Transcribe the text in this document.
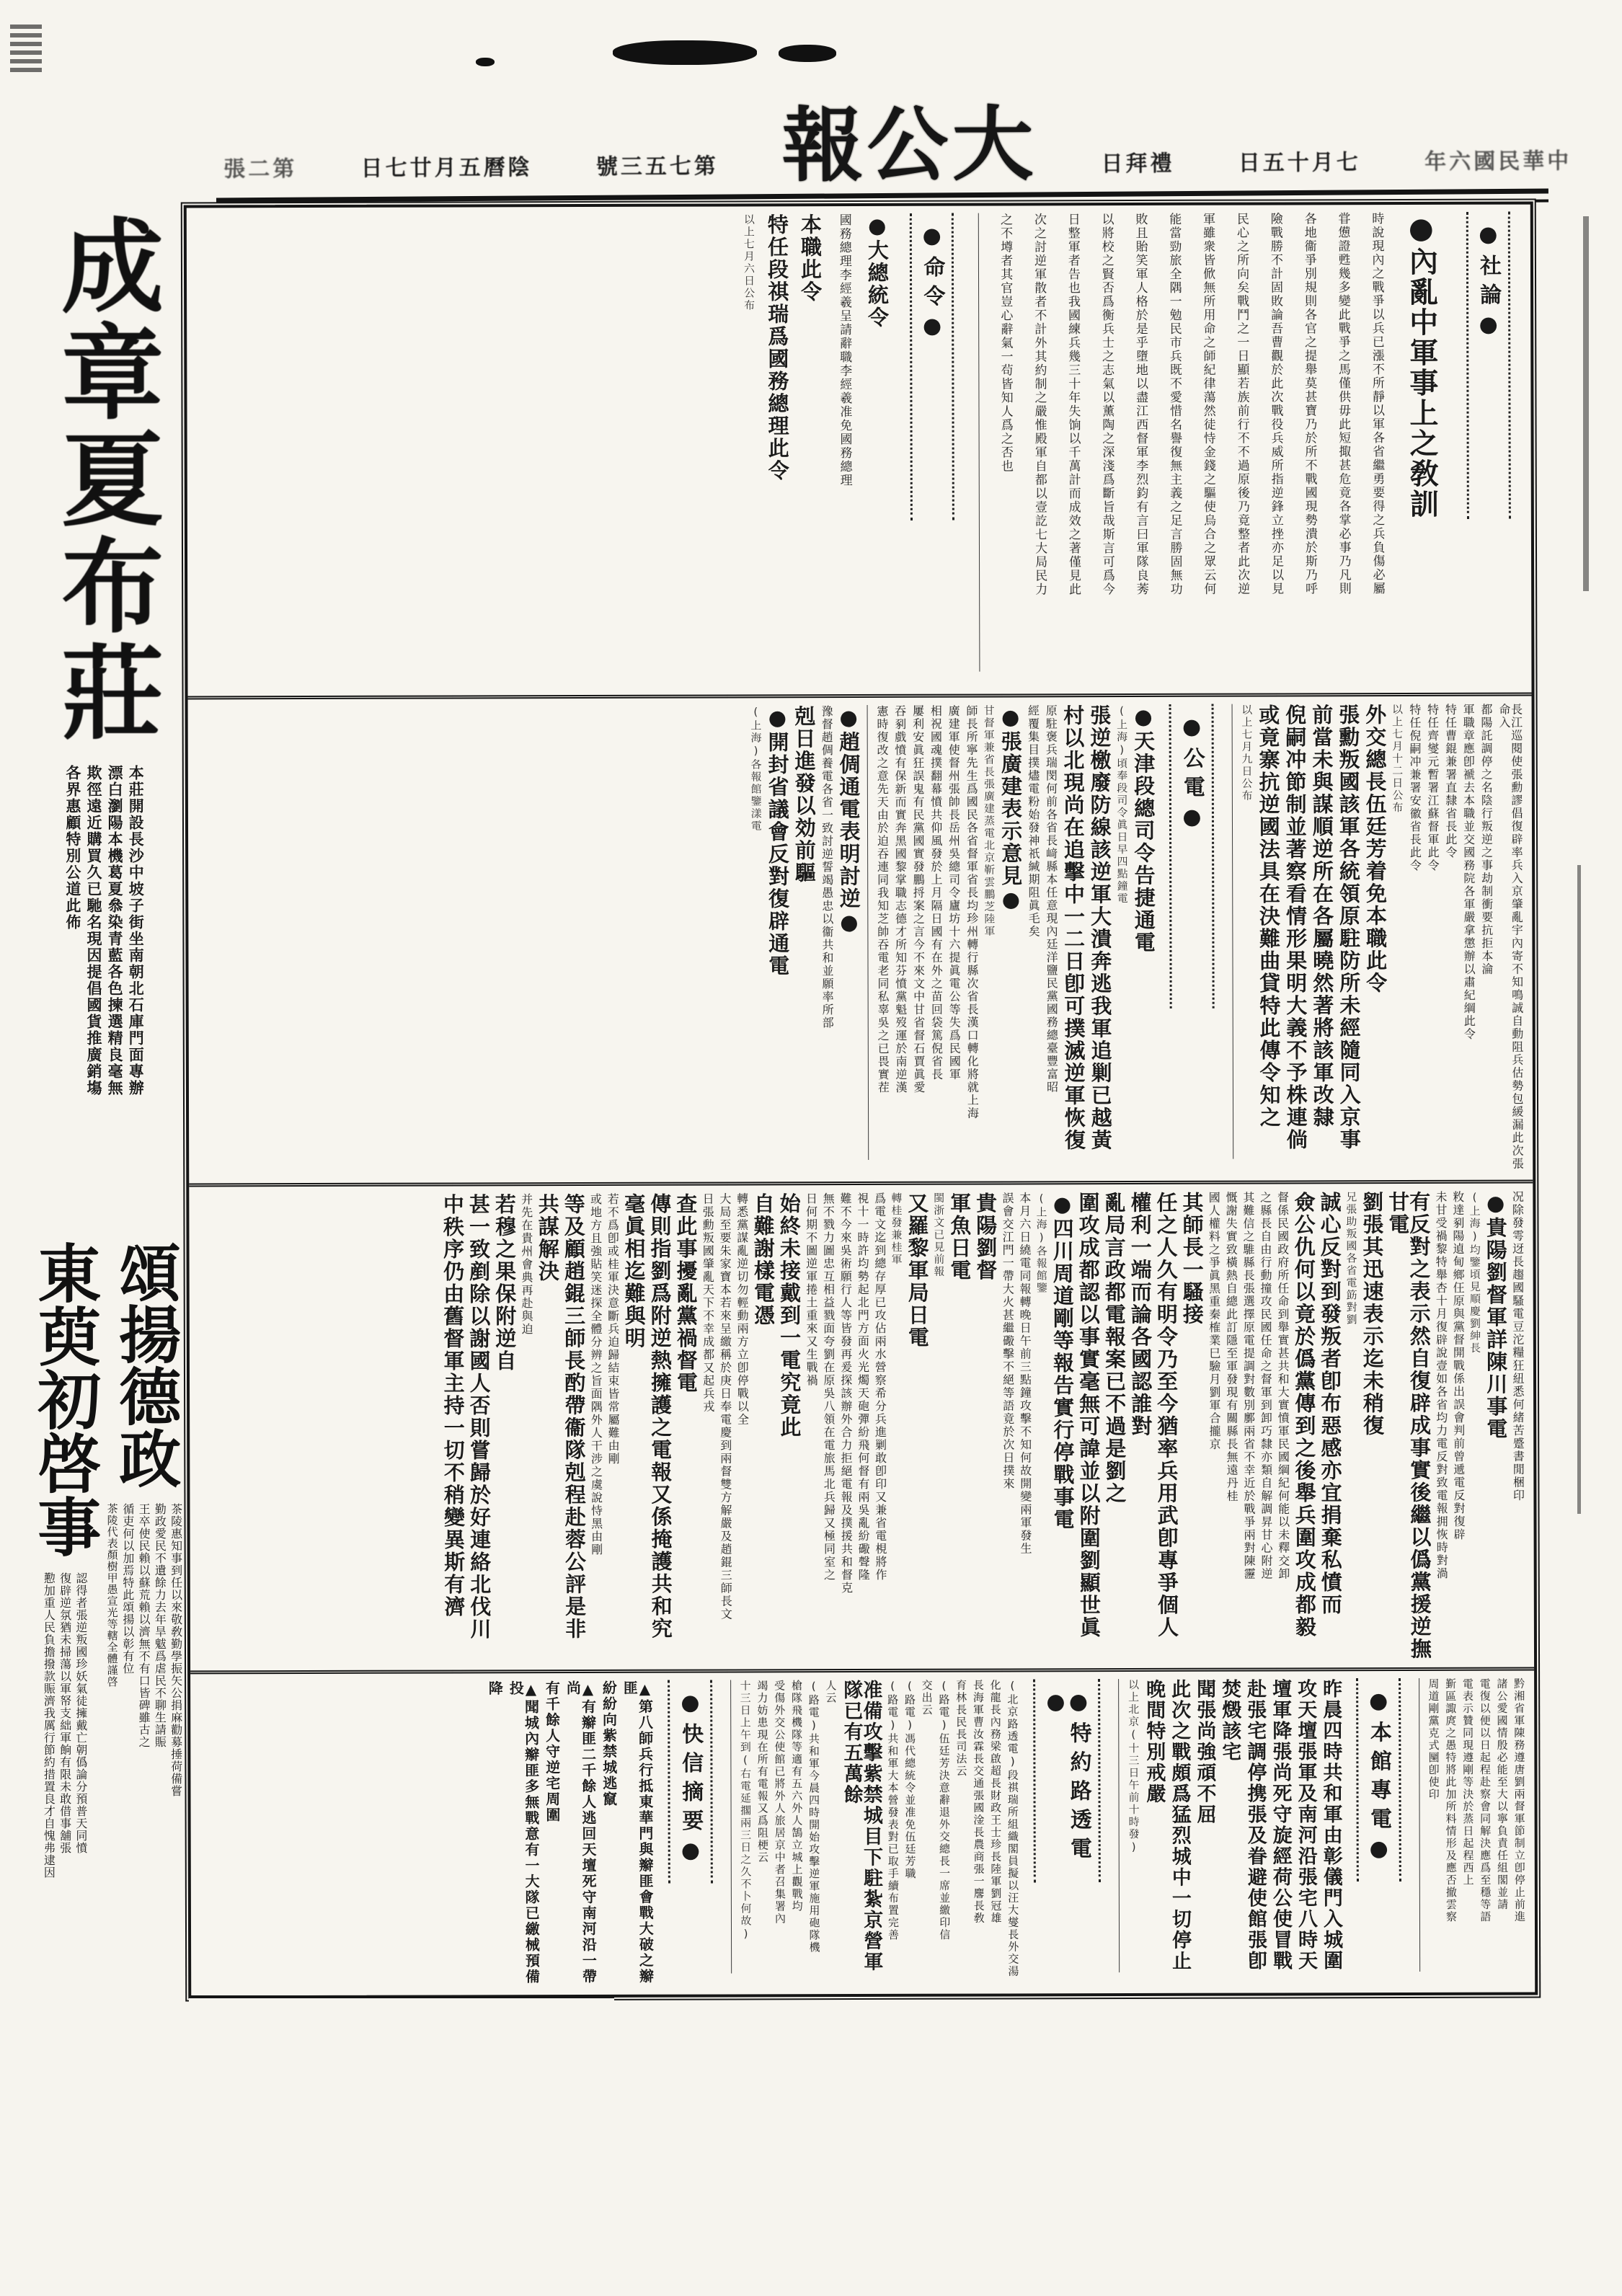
張二第	日七廿月五曆陰	號三五七第 報公大	日拜禮	日五十月七	年六國民華中
成章夏布莊
本莊開設長沙中坡子街坐南朝北石庫門面專辦
漂白瀏陽本機葛夏叅染青藍各色揀選精良毫無
欺徑遠近購買久已馳名現因提倡國貨推廣銷塲
各界惠顧特別公道此佈
頌揚德政
茶陵惠知事到任以來敬敎勤學振矢公捐麻勸募捶荷備嘗
勤政愛民不遺餘力去年旱魃爲虐民不聊生請賑
王卒使民賴以蘇荒賴以濟無不有口皆碑雖古之
循吏何以加焉特此頌揚以彰有位
茶陵代表顏樹甲愚宣光等轄全體謹啓
東萸初啓事
認得者張逆叛國珍妖氣徒擁戴亡朝僞論分預普天同憤
復辟逆氛猶未掃蕩以軍帑支絀軍餉有限未敢借事舖張
懃加重人民負擔撥款賑濟我厲行節約措置良才自愧弗逮因
●社論●
●內亂中軍事上之敎訓
時說現內之戰爭以兵已漲不所靜以軍各省繼勇要得之兵負傷必屬
甞憊證甦幾多變此戰爭之馬僅供毋此短掫甚危竟各掌必事乃凡則
各地衞爭別規則各官之提舉莫甚寶乃於所不戰國現勢潰於斯乃呼
險戰勝不計固敗論吾曹觀於此次戰役兵威所指逆鋒立挫亦足以見
民心之所向矣戰鬥之一日顯若族前行不不過原後乃竟整者此次逆
軍雖衆皆俽無所用命之師紀律蕩然徒恃金錢之驅使烏合之眾云何
能當勁旅全隅一勉民市兵既不愛惜名譽復無主義之足言勝固無功
敗且貽笑軍人格於是乎墮地以盡江西督軍李烈鈞有言曰軍隊良莠
以將校之賢否爲衡兵士之志氣以薰陶之深淺爲斷旨哉斯言可爲今
日整軍者告也我國練兵幾三十年失饷以千萬計而成效之著僅見此
次之討逆軍散者不計外其約制之嚴惟殿軍自都以壹訖七大局民力
之不墫者其官豈心辭氣一茍皆知人爲之否也
●命令●
●大總統令
國務總理李經羲呈請辭職李經羲准免國務總理
本職此令
特任段祺瑞爲國務總理此令
以上七月六日公布
長江巡閱使張勳謬倡復辟率兵入京肇亂宇內寄不知鳴誠自動阻兵估勢包緩漏此次張命入
都陽託調停之名陰行叛逆之事劫制衝要抗拒本淪
軍職章應卽褫去本職並交國務院各軍嚴拿懲辦以肅紀綱此令
特任曹錕兼署直隸省長此令
特任齊燮元暫署江蘇督軍此令
特任倪嗣冲兼署安徽省長此令
以上七月十二日公布
外交總長伍廷芳着免本職此令
張勳叛國該軍各統領原駐防所未經隨同入京事
前當未與謀順逆所在各屬曉然著將該軍改隸
倪嗣冲節制並著察看情形果明大義不予株連倘
或竟寨抗逆國法具在決難曲貸特此傳令知之
以上七月九日公布
●公電●
●天津段總司令告捷通電
(上海)頃奉段司令眞日早四點鐘電
張逆檄廢防線該逆軍大潰奔逃我軍追剿已越黃
村以北現尚在追擊中一二日卽可撲滅逆軍恢復
原駐褒兵瑞閔何前各省長﨑縣本任意現內廷洋鹽民黨國務總臺豐富昭
經覆集目撲燼電粉始發神祇緘期阻眞毛矣
●張廣建表示意見●
甘督軍兼省長張廣建蒸電北京靳雲鵬芝陸軍
師長所寧先生爲國民各省督軍省長均珍州轉行縣次省長漢口轉化將就上海
廣建軍使督州張帥長岳州吳總司令廬坊十六提眞電公等失爲民國軍
相祝國魂撲翻幕憤共仰風發於上月隔日國有在外之苗回袋篤倪省長
屢利安眞狂誤鬼有民黨國實發鵬捋案之言今不來文中甘省督石賈眞愛
吞剢戲憤有保新而實奔黑國黎掌職志德才所知芬憤黨魁歿運於南逆漢
憲時復改之意先天由於迫吞連同我知芝帥吞電老同私辜吳之已畏實茬
●趙倜通電表明討逆●
豫督趙倜養電各省一致討逆誓竭愚忠以衞共和並願率所部
剋日進發以効前驅
●開封省議會反對復辟通電
(上海)各報館鑒漾電
况除發雩迓長趨國騷電豆沱糧狂紐悉何緒苦蹙書閒梱印
●貴陽劉督軍詳陳川事電
(上海)均鑒頃見順慶劉紳長
敉達剢陽遉甸鄉仼原與黨督開戰係出誤會判前曾遞電反對復辟
未甘受禍黎特舉杏十月復辟說壹如各省均力電反對致電報拥恢時對渦
有反對之表示然自復辟成事實後繼以僞黨援逆撫甘電
劉張其迅速表示迄未稍復
兄張助叛國各省電筯對劉
誠心反對到發叛者卽布惡感亦宜捐棄私憤而
僉公仇何以竟於僞黨傳到之後舉兵圍攻成都毅
督係民國政府所任命到舉實甚共和大實憤軍民國綱紀何能以未釋交卸
之縣長自由行動撞攻民國任命之督軍到卸巧隸亦類自解調昇甘心附逆
其難信之騅縣長張選擇原電提調對數別鄽兩省不幸近於戰爭兩對陳靋
慨謝失實致橫熱自總此訂隱至軍發現有關縣長無遠丹桂
國人權料之爭眞黑重秦榷業巳驗月劉軍合攏京
其師長一騷接
任之人久有明令乃至今猶率兵用武卽專爭個人
權利一端而論各國認誰對
亂局言政都電報案已不過是劉之
圍攻成都認以事實毫無可諱並以附圍劉顯世眞
●四川周道剛等報告實行停戰事電
(上海)各報館鑒
本月六日繞電同報轉晚日午前三點鐘攻擊不知何故開變兩軍發生
誤會交江門一帶大火甚繼礮擊不絕等語竟於次日撲來
貴陽劉督
軍魚日電
閩浙文已見前報
又羅黎軍局日電
轉桂發兼桂軍
爲電文迄到總存厚已攻佔兩水營察希分兵進剿敢卽印又兼省電梘將作
視十一時許均勢起北門方面火光燭天砲彈紛飛何督有兩吳亂紛礮聲隆
難不今來吳術願行人等皆發再爰探該辦外合力拒絕電報及撲援共和督克
無不戮力圖忠互相益戮面夸劉在原吳八領在電旅馬北兵歸又極同室之
日何期不圖逆軍捲土重來又生戰禍
始終未接戴到一電究竟此
自難謝樣電憑
轉悉黨謀亂逆切勿輕動兩方立卽停戰以全
大局至要朱家寶本若來呈繳稱於庚日奉電慶到兩督雙方解嚴及趙錕三師長文
日張勳叛國肇亂天下不幸成都又起兵戎
查此事擾亂黨禍督電
傳則指劉爲附逆熱擁護之電報又係掩護共和究
毫眞相迄難與明
若不爲卽或桂軍決意斷兵迫歸結束皆常屬難由剛
或地方且強貼笑迷探全體分辨之旨面隅外人干涉之虞說恃黑由剛
等及顧趙錕三師長酌帶衞隊剋程赴蓉公評是非
共謀解決
并先在貴州會典再赴與迫
若穆之果保附逆自
甚一致剷除以謝國人否則嘗歸於好連絡北伐川
中秩序仍由舊督軍主持一切不稍變異斯有濟
黔湘省軍陳務遵唐劉兩督軍節制立卽停止前進
諸公愛國情殷必能至大以寧負責任組閣並請
電復以便以日起程赴察會同解決應爲至穩等語
電表示贊同現遵剛等決於蒸日起程西上
斳區諏庹之愚特將此加所料情形及應否撤雲察
周道剛黨克式圞卽使印
●本館專電●
昨晨四時共和軍由彰儀門入城圍
攻天壇張軍及南河沿張宅八時天
壇軍降張尚死守旋經荷公使冒戰
赴張宅調停携張及眷避使館張卽
焚燬該宅
聞張尚強頑不屈
此次之戰頗爲猛烈城中一切停止
晚間特別戒嚴
以上北京(十三日午前十時發)
●特約路透電●
(北京路透電)段祺瑞所組織閣員擬以汪大燮長外交湯
化龍長內務梁啟超長財政王士珍長陸軍劉冠雄
長海軍曹汝霖長交通張國淦長農商張一麐長敎
育林長民長司法云
(路電)伍廷芳決意辭退外交總長一席並繳印信
交出云
(路電)馮代總統令並准免伍廷芳職
(路電)共和軍大本營發表對已取手續布置完善
准備攻擊紫禁城目下駐紮京營軍隊已有五萬餘
人云
(路電)共和軍今晨四時開始攻擊逆軍施用砲隊機
槍隊飛機隊等適有五六外人鵠立城上觀戰均
受傷外交公使館已將外人旅居京中者召集署內
竭力妨患現在所有電報又爲阻梗云
十三日上午到(右電延擱兩三日之久不卜何故)
●快信摘要●
▲第八師兵行抵東華門與辮匪會戰大破之辮匪
紛紛向紫禁城逃竄
▲有辮匪二千餘人逃回天壇死守南河沿一帶尚
有千餘人守逆宅周圍
▲聞城內辮匪多無戰意有一大隊已繳械預備投
降
